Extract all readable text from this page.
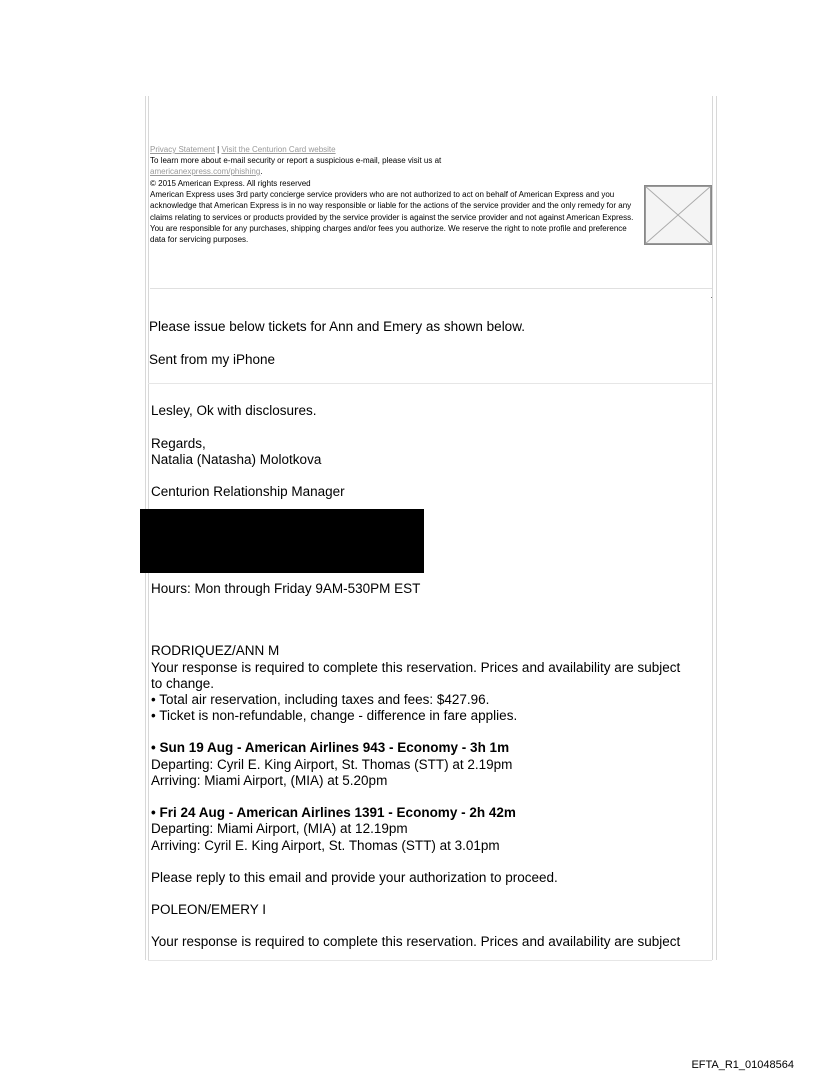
Privacy Statement | Visit the Centurion Card website
To learn more about e-mail security or report a suspicious e-mail, please visit us at
americanexpress.com/phishing.
© 2015 American Express. All rights reserved
American Express uses 3rd party concierge service providers who are not authorized to act on behalf of American Express and you acknowledge that American Express is in no way responsible or liable for the actions of the service provider and the only remedy for any claims relating to services or products provided by the service provider is against the service provider and not against American Express. You are responsible for any purchases, shipping charges and/or fees you authorize. We reserve the right to note profile and preference data for servicing purposes.
Please issue below tickets for Ann and Emery as shown below.
Sent from my iPhone
Lesley, Ok with disclosures.
Regards,
Natalia (Natasha) Molotkova
Centurion Relationship Manager
Hours: Mon through Friday 9AM-530PM EST
RODRIQUEZ/ANN M
Your response is required to complete this reservation. Prices and availability are subject
to change.
• Total air reservation, including taxes and fees: $427.96.
• Ticket is non-refundable, change - difference in fare applies.
• Sun 19 Aug - American Airlines 943 - Economy - 3h 1m
Departing: Cyril E. King Airport, St. Thomas (STT) at 2.19pm
Arriving: Miami Airport, (MIA) at 5.20pm
• Fri 24 Aug - American Airlines 1391 - Economy - 2h 42m
Departing: Miami Airport, (MIA) at 12.19pm
Arriving: Cyril E. King Airport, St. Thomas (STT) at 3.01pm
Please reply to this email and provide your authorization to proceed.
POLEON/EMERY I
Your response is required to complete this reservation. Prices and availability are subject
EFTA_R1_01048564
